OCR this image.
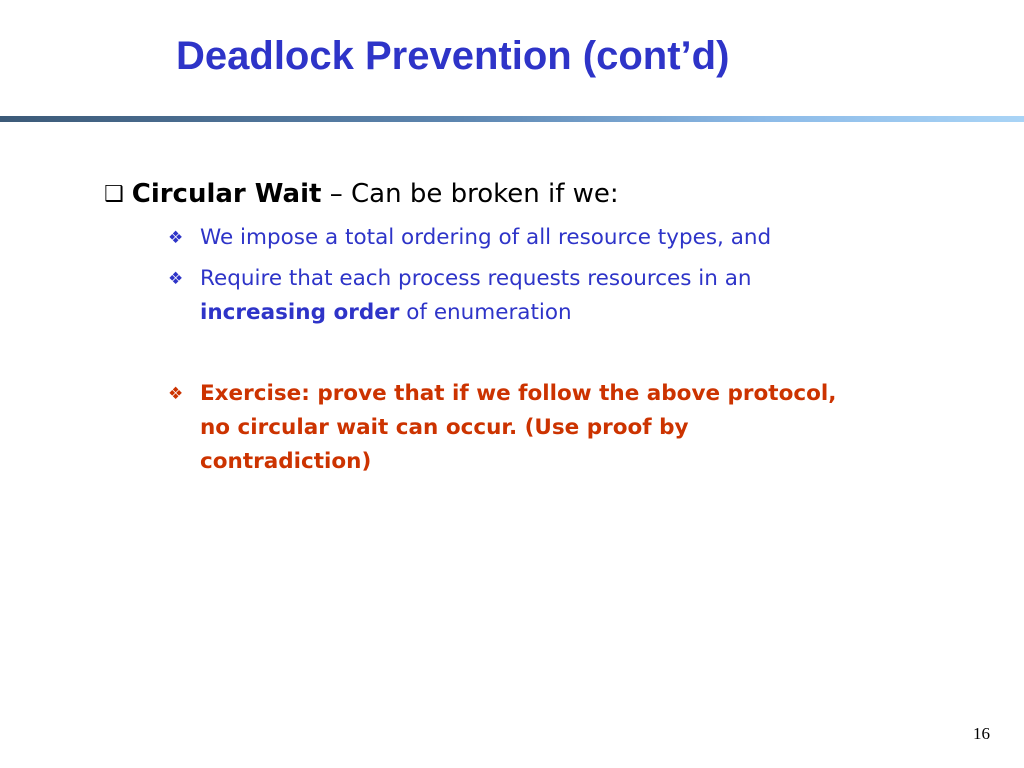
Deadlock Prevention (cont’d)
❑ Circular Wait – Can be broken if we:
❖ We impose a total ordering of all resource types, and
❖ Require that each process requests resources in an
increasing order of enumeration
❖ Exercise: prove that if we follow the above protocol,
no circular wait can occur. (Use proof by
contradiction)
16
